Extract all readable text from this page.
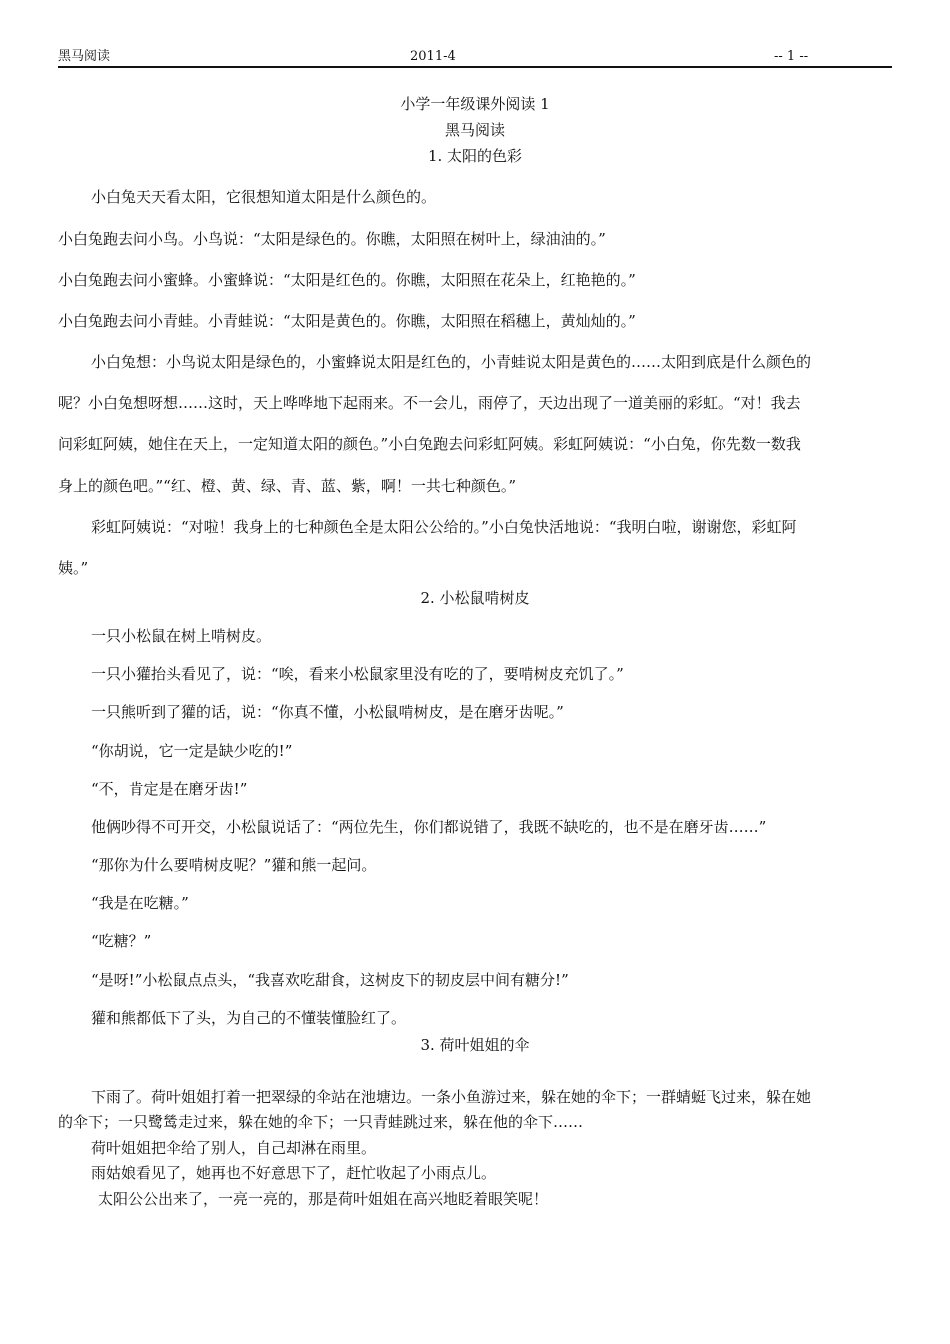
黑马阅读	2011-4	-- 1 --
小学一年级课外阅读 1
黑马阅读
1. 太阳的色彩
小白兔天天看太阳，它很想知道太阳是什么颜色的。
小白兔跑去问小鸟。小鸟说：“太阳是绿色的。你瞧，太阳照在树叶上，绿油油的。”
小白兔跑去问小蜜蜂。小蜜蜂说：“太阳是红色的。你瞧，太阳照在花朵上，红艳艳的。”
小白兔跑去问小青蛙。小青蛙说：“太阳是黄色的。你瞧，太阳照在稻穗上，黄灿灿的。”
小白兔想：小鸟说太阳是绿色的，小蜜蜂说太阳是红色的，小青蛙说太阳是黄色的……太阳到底是什么颜色的
呢？小白兔想呀想……这时，天上哗哗地下起雨来。不一会儿，雨停了，天边出现了一道美丽的彩虹。“对！我去
问彩虹阿姨，她住在天上，一定知道太阳的颜色。”小白兔跑去问彩虹阿姨。彩虹阿姨说：“小白兔，你先数一数我
身上的颜色吧。”“红、橙、黄、绿、青、蓝、紫，啊！一共七种颜色。”
彩虹阿姨说：“对啦！我身上的七种颜色全是太阳公公给的。”小白兔快活地说：“我明白啦，谢谢您，彩虹阿
姨。”
2. 小松鼠啃树皮
一只小松鼠在树上啃树皮。
一只小獾抬头看见了，说：“唉，看来小松鼠家里没有吃的了，要啃树皮充饥了。”
一只熊听到了獾的话，说：“你真不懂，小松鼠啃树皮，是在磨牙齿呢。”
“你胡说，它一定是缺少吃的!”
“不，肯定是在磨牙齿!”
他俩吵得不可开交，小松鼠说话了：“两位先生，你们都说错了，我既不缺吃的，也不是在磨牙齿……”
“那你为什么要啃树皮呢？”獾和熊一起问。
“我是在吃糖。”
“吃糖？”
“是呀!”小松鼠点点头，“我喜欢吃甜食，这树皮下的韧皮层中间有糖分!”
獾和熊都低下了头，为自己的不懂装懂脸红了。
3. 荷叶姐姐的伞
下雨了。荷叶姐姐打着一把翠绿的伞站在池塘边。一条小鱼游过来，躲在她的伞下；一群蜻蜓飞过来，躲在她
的伞下；一只鹭鸶走过来，躲在她的伞下；一只青蛙跳过来，躲在他的伞下……
荷叶姐姐把伞给了别人，自己却淋在雨里。
雨姑娘看见了，她再也不好意思下了，赶忙收起了小雨点儿。
太阳公公出来了，一亮一亮的，那是荷叶姐姐在高兴地眨着眼笑呢！
